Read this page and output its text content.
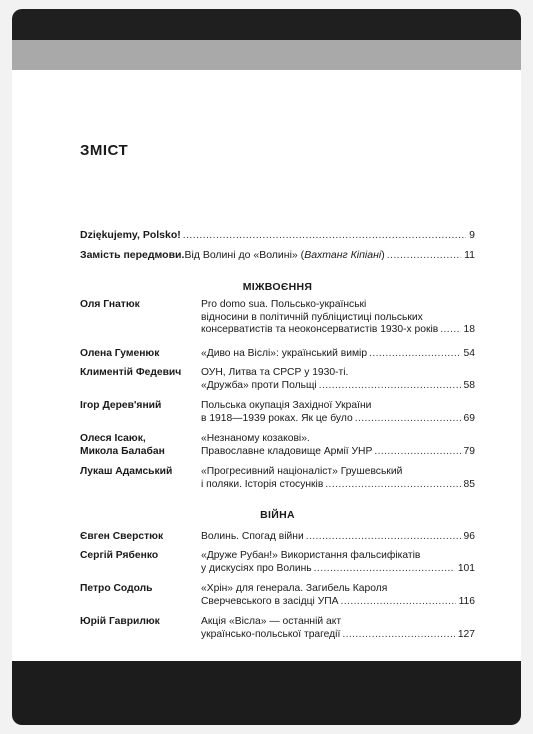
ЗМІСТ
Dziękujemy, Polsko! .....	9
Замість передмови. Від Волині до «Волині» ( Вахтанг Кіпіані ) .....	11
МІЖВОЄННЯ
Оля Гнатюк	Pro domo sua. Польсько-українські
відносини в політичній публіцистиці польських
консерватистів та неоконсерватистів 1930-х років ..... 18
Олена Гуменюк	«Диво на Віслі»: український вимір .....	54
Климентій Федевич	ОУН, Литва та СРСР у 1930-ті.
«Дружба» проти Польщі .....	58
Ігор Дерев'яний	Польська окупація Західної України
в 1918—1939 роках. Як це було .....	69
Олеся Ісаюк,
Микола Балабан
«Незнаному козакові».
Православне кладовище Армії УНР .....	79
Лукаш Адамський	«Прогресивний націоналіст» Грушевський
і поляки. Історія стосунків .....	85
ВІЙНА
Євген Сверстюк	Волинь. Спогад війни .....	96
Сергій Рябенко	«Друже Рубан!» Використання фальсифікатів
у дискусіях про Волинь .....	101
Петро Содоль	«Хрін» для генерала. Загибель Кароля
Сверчевського в засідці УПА .....	116
Юрій Гаврилюк	Акція «Вісла» — останній акт
українсько-польської трагедії .....	127
